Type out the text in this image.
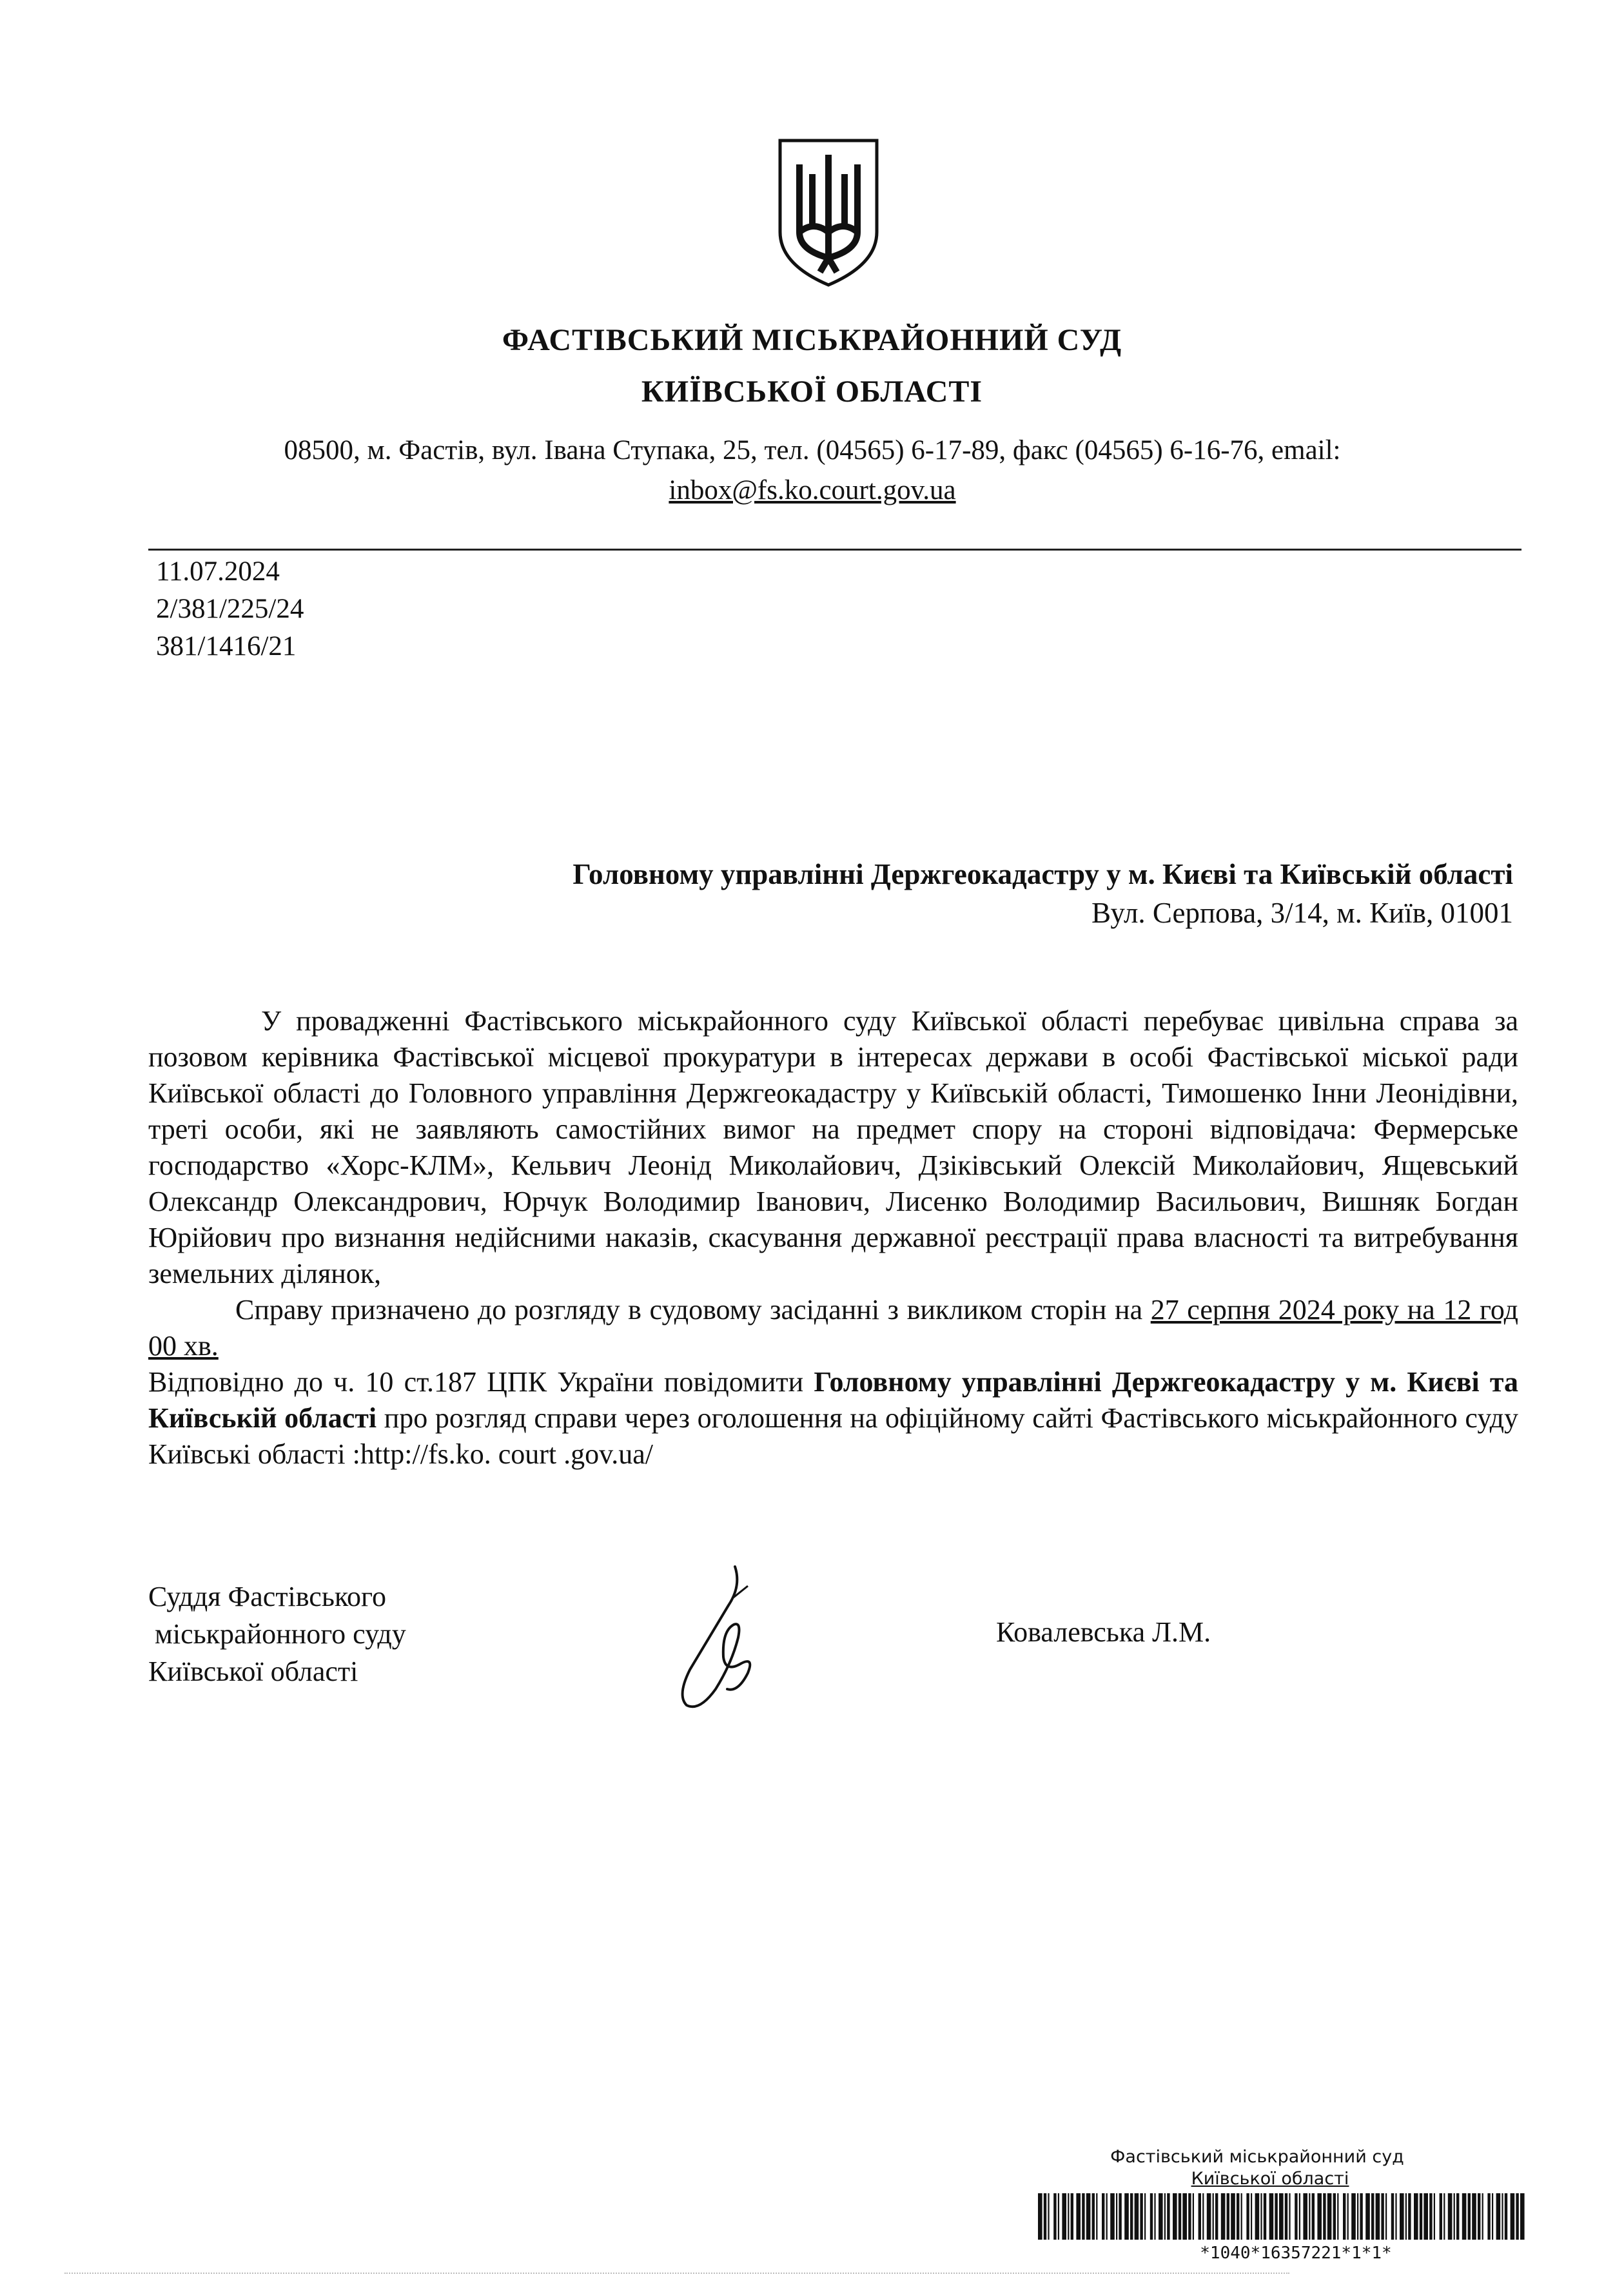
ФАСТІВСЬКИЙ МІСЬКРАЙОННИЙ СУД
КИЇВСЬКОЇ ОБЛАСТІ
08500, м. Фастів, вул. Івана Ступака, 25, тел. (04565) 6-17-89, факс (04565) 6-16-76, email:
inbox@fs.ko.court.gov.ua
11.07.2024
2/381/225/24
381/1416/21
Головному управлінні Держгеокадастру у м. Києві та Київській області
Вул. Серпова, 3/14, м. Київ, 01001

У провадженні Фастівського міськрайонного суду Київської області перебуває цивільна справа за позовом керівника Фастівської місцевої прокуратури в інтересах держави в особі Фастівської міської ради Київської області до Головного управління Держгеокадастру у Київській області, Тимошенко Інни Леонідівни, треті особи, які не заявляють самостійних вимог на предмет спору на стороні відповідача: Фермерське господарство «Хорс-КЛМ», Кельвич Леонід Миколайович, Дзіківський Олексій Миколайович, Ящевський Олександр Олександрович, Юрчук Володимир Іванович, Лисенко Володимир Васильович, Вишняк Богдан Юрійович про визнання недійсними наказів, скасування державної реєстрації права власності та витребування земельних ділянок,

Справу призначено до розгляду в судовому засіданні з викликом сторін на 27 серпня 2024 року на 12 год 00 хв.

Відповідно до ч. 10 ст.187 ЦПК України повідомити Головному управлінні Держгеокадастру у м. Києві та Київській області про розгляд справи через оголошення на офіційному сайті Фастівського міськрайонного суду Київські області :http://fs.ko. court .gov.ua/

Суддя Фастівського
міськрайонного суду
Київської області
Ковалевська Л.М.
Фастівський міськрайонний суд
Київської області
*1040*16357221*1*1*
